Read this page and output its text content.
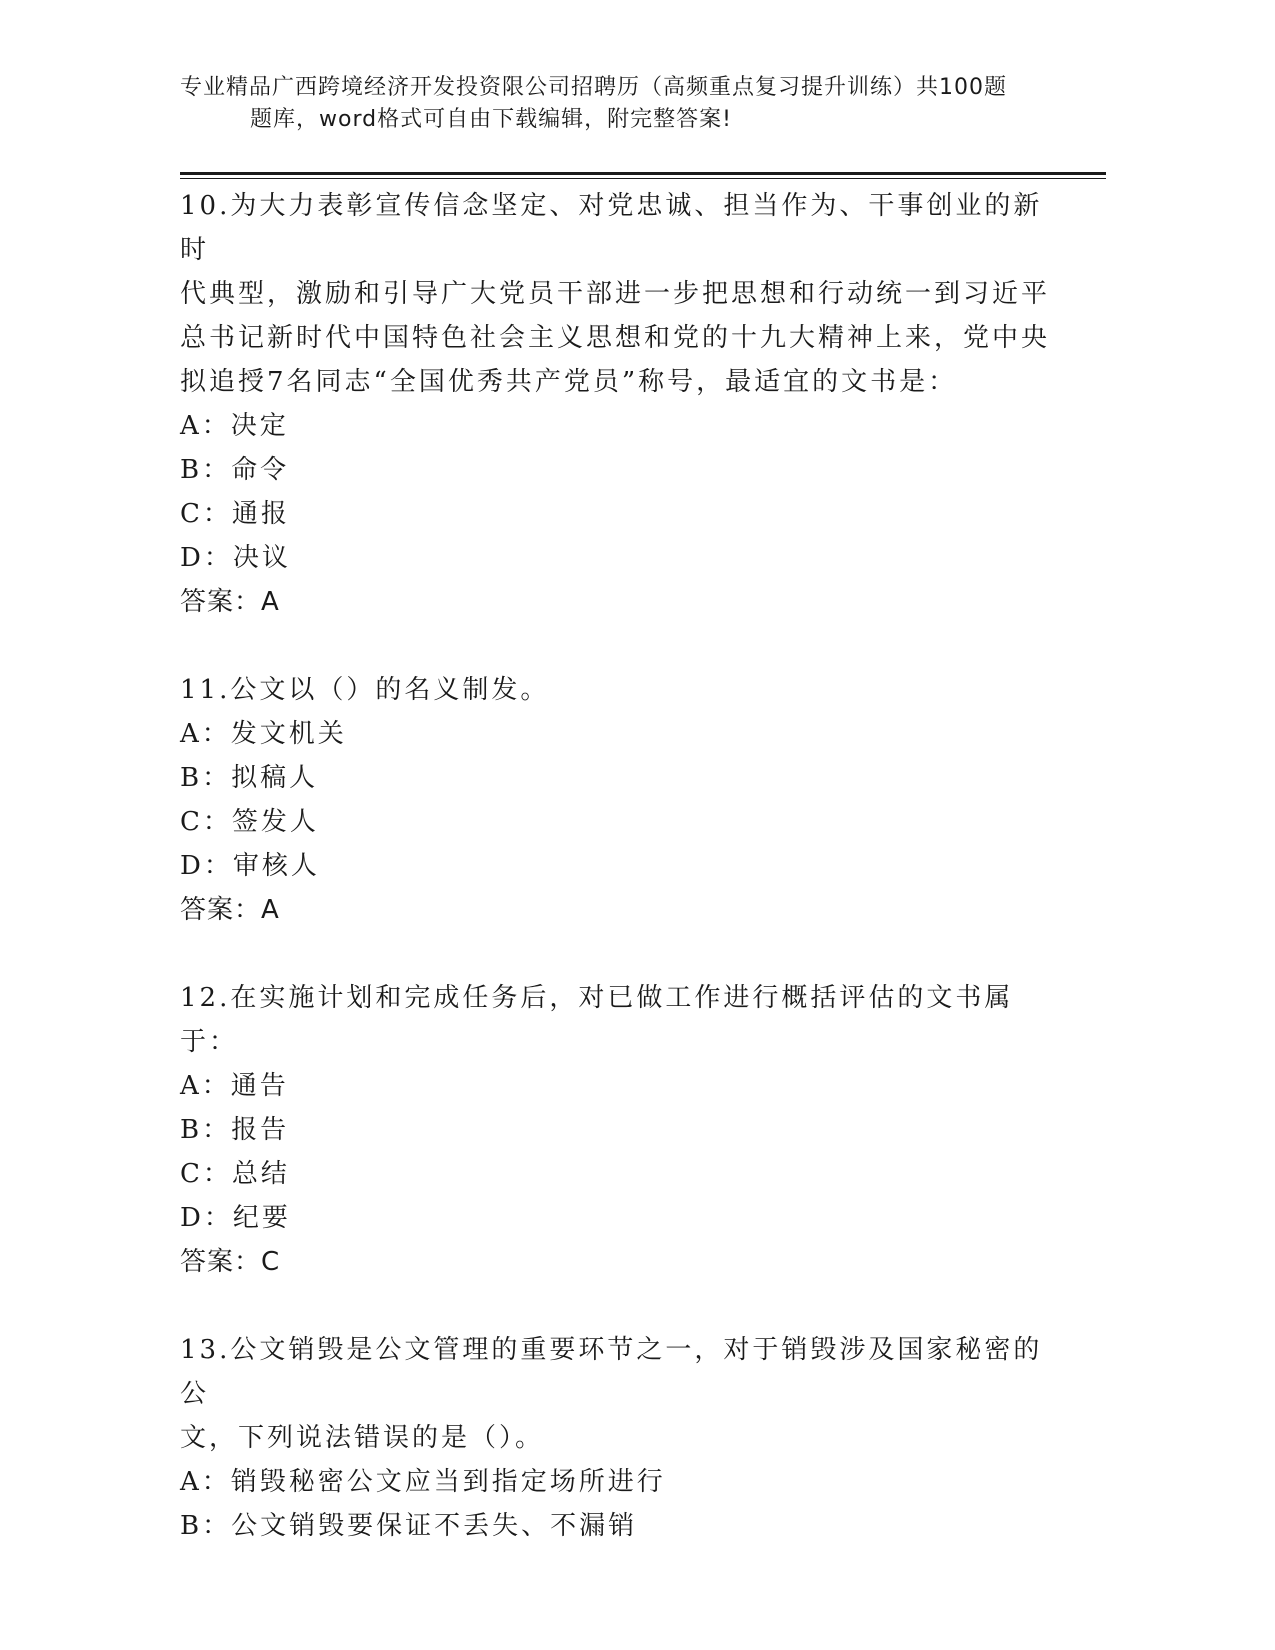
专业精品广西跨境经济开发投资限公司招聘历（高频重点复习提升训练）共100题
题库，word格式可自由下载编辑，附完整答案!

10.为大力表彰宣传信念坚定、对党忠诚、担当作为、干事创业的新时

代典型，激励和引导广大党员干部进一步把思想和行动统一到习近平

总书记新时代中国特色社会主义思想和党的十九大精神上来，党中央

拟追授7名同志“全国优秀共产党员”称号，最适宜的文书是：

A：决定

B：命令

C：通报

D：决议

答案：A

11.公文以（）的名义制发。

A：发文机关

B：拟稿人

C：签发人

D：审核人

答案：A

12.在实施计划和完成任务后，对已做工作进行概括评估的文书属于：

A：通告

B：报告

C：总结

D：纪要

答案：C

13.公文销毁是公文管理的重要环节之一，对于销毁涉及国家秘密的公

文，下列说法错误的是（）。

A：销毁秘密公文应当到指定场所进行

B：公文销毁要保证不丢失、不漏销
